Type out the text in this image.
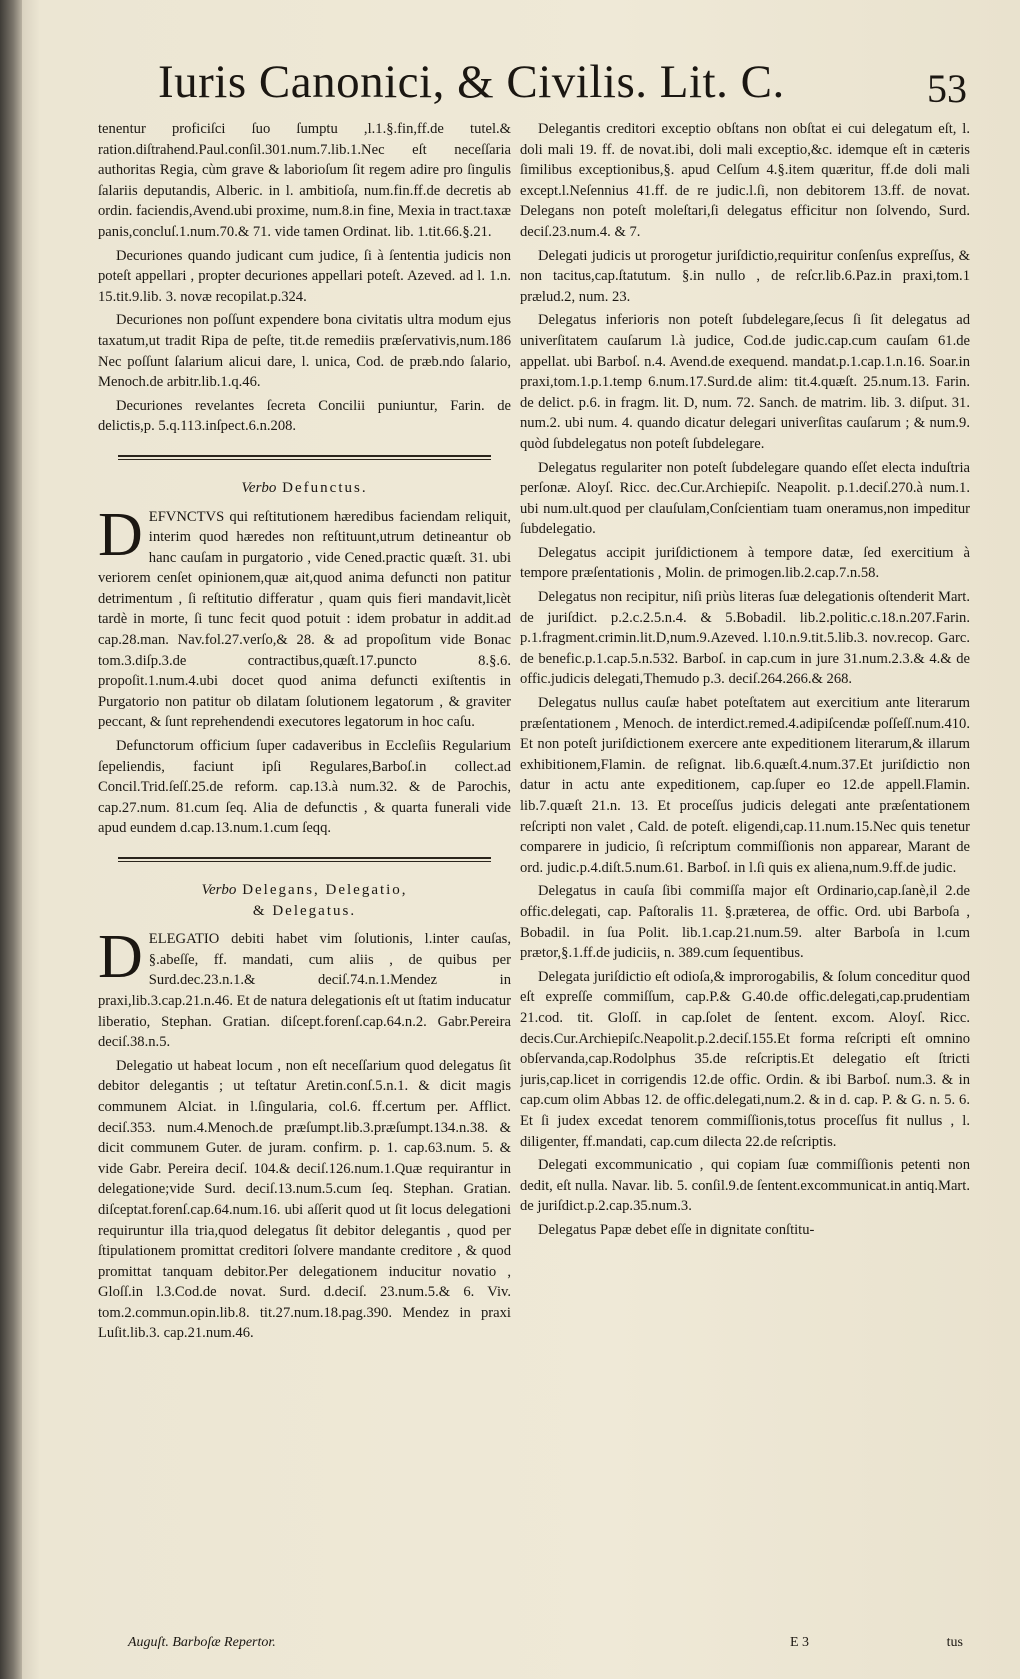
Iuris Canonici, & Civilis. Lit. C.	53

tenentur proficiſci ſuo ſumptu ,l.1.§.fin,ff.de tutel.& ration.diſtrahend.Paul.conſil.301.num.7.lib.1.Nec eſt neceſſaria authoritas Regia, cùm grave & laborioſum ſit regem adire pro ſingulis ſalariis deputandis, Alberic. in l. ambitioſa, num.fin.ff.de decretis ab ordin. faciendis,Avend.ubi proxime, num.8.in fine, Mexia in tract.taxæ panis,concluſ.1.num.70.& 71. vide tamen Ordinat. lib. 1.tit.66.§.21.

Decuriones quando judicant cum judice, ſi à ſententia judicis non poteſt appellari , propter decuriones appellari poteſt. Azeved. ad l. 1.n. 15.tit.9.lib. 3. novæ recopilat.p.324.

Decuriones non poſſunt expendere bona civitatis ultra modum ejus taxatum,ut tradit Ripa de peſte, tit.de remediis præſervativis,num.186 Nec poſſunt ſalarium alicui dare, l. unica, Cod. de præb.ndo ſalario, Menoch.de arbitr.lib.1.q.46.

Decuriones revelantes ſecreta Concilii puniuntur, Farin. de delictis,p. 5.q.113.inſpect.6.n.208.

Verbo Defunctus.

DEFVNCTVS qui reſtitutionem hæredibus faciendam reliquit, interim quod hæredes non reſtituunt,utrum detineantur ob hanc cauſam in purgatorio , vide Cened.practic quæſt. 31. ubi veriorem cenſet opinionem,quæ ait,quod anima defuncti non patitur detrimentum , ſi reſtitutio differatur , quam quis fieri mandavit,licèt tardè in morte, ſi tunc fecit quod potuit : idem probatur in addit.ad cap.28.man. Nav.fol.27.verſo,& 28. & ad propoſitum vide Bonac tom.3.diſp.3.de contractibus,quæſt.17.puncto 8.§.6. propoſit.1.num.4.ubi docet quod anima defuncti exiſtentis in Purgatorio non patitur ob dilatam ſolutionem legatorum , & graviter peccant, & ſunt reprehendendi executores legatorum in hoc caſu.

Defunctorum officium ſuper cadaveribus in Eccleſiis Regularium ſepeliendis, faciunt ipſi Regulares,Barboſ.in collect.ad Concil.Trid.ſeſſ.25.de reform. cap.13.à num.32. & de Parochis, cap.27.num. 81.cum ſeq. Alia de defunctis , & quarta funerali vide apud eundem d.cap.13.num.1.cum ſeqq.

Verbo Delegans, Delegatio,
& Delegatus.

DELEGATIO debiti habet vim ſolutionis, l.inter cauſas, §.abeſſe, ff. mandati, cum aliis , de quibus per Surd.dec.23.n.1.& deciſ.74.n.1.Mendez in praxi,lib.3.cap.21.n.46. Et de natura delegationis eſt ut ſtatim inducatur liberatio, Stephan. Gratian. diſcept.forenſ.cap.64.n.2. Gabr.Pereira deciſ.38.n.5.

Delegatio ut habeat locum , non eſt neceſſarium quod delegatus ſit debitor delegantis ; ut teſtatur Aretin.conſ.5.n.1. & dicit magis communem Alciat. in l.ſingularia, col.6. ff.certum per. Afflict. deciſ.353. num.4.Menoch.de præſumpt.lib.3.præſumpt.134.n.38. & dicit communem Guter. de juram. confirm. p. 1. cap.63.num. 5. & vide Gabr. Pereira deciſ. 104.& deciſ.126.num.1.Quæ requirantur in delegatione;vide Surd. deciſ.13.num.5.cum ſeq. Stephan. Gratian. diſceptat.forenſ.cap.64.num.16. ubi aſſerit quod ut ſit locus delegationi requiruntur illa tria,quod delegatus ſit debitor delegantis , quod per ſtipulationem promittat creditori ſolvere mandante creditore , & quod promittat tanquam debitor.Per delegationem inducitur novatio , Gloſſ.in l.3.Cod.de novat. Surd. d.deciſ. 23.num.5.& 6. Viv. tom.2.commun.opin.lib.8. tit.27.num.18.pag.390. Mendez in praxi Luſit.lib.3. cap.21.num.46.

Delegantis creditori exceptio obſtans non obſtat ei cui delegatum eſt, l. doli mali 19. ff. de novat.ibi, doli mali exceptio,&c. idemque eſt in cæteris ſimilibus exceptionibus,§. apud Celſum 4.§.item quæritur, ff.de doli mali except.l.Neſennius 41.ff. de re judic.l.ſi, non debitorem 13.ff. de novat. Delegans non poteſt moleſtari,ſi delegatus efficitur non ſolvendo, Surd. deciſ.23.num.4. & 7.

Delegati judicis ut prorogetur juriſdictio,requiritur conſenſus expreſſus, & non tacitus,cap.ſtatutum. §.in nullo , de reſcr.lib.6.Paz.in praxi,tom.1 prælud.2, num. 23.

Delegatus inferioris non poteſt ſubdelegare,ſecus ſi ſit delegatus ad univerſitatem cauſarum l.à judice, Cod.de judic.cap.cum cauſam 61.de appellat. ubi Barboſ. n.4. Avend.de exequend. mandat.p.1.cap.1.n.16. Soar.in praxi,tom.1.p.1.temp 6.num.17.Surd.de alim: tit.4.quæſt. 25.num.13. Farin. de delict. p.6. in fragm. lit. D, num. 72. Sanch. de matrim. lib. 3. diſput. 31. num.2. ubi num. 4. quando dicatur delegari univerſitas cauſarum ; & num.9. quòd ſubdelegatus non poteſt ſubdelegare.

Delegatus regulariter non poteſt ſubdelegare quando eſſet electa induſtria perſonæ. Aloyſ. Ricc. dec.Cur.Archiepiſc. Neapolit. p.1.deciſ.270.à num.1. ubi num.ult.quod per clauſulam,Conſcientiam tuam oneramus,non impeditur ſubdelegatio.

Delegatus accipit juriſdictionem à tempore datæ, ſed exercitium à tempore præſentationis , Molin. de primogen.lib.2.cap.7.n.58.

Delegatus non recipitur, niſi priùs literas ſuæ delegationis oſtenderit Mart. de juriſdict. p.2.c.2.5.n.4. & 5.Bobadil. lib.2.politic.c.18.n.207.Farin. p.1.fragment.crimin.lit.D,num.9.Azeved. l.10.n.9.tit.5.lib.3. nov.recop. Garc. de benefic.p.1.cap.5.n.532. Barboſ. in cap.cum in jure 31.num.2.3.& 4.& de offic.judicis delegati,Themudo p.3. deciſ.264.266.& 268.

Delegatus nullus cauſæ habet poteſtatem aut exercitium ante literarum præſentationem , Menoch. de interdict.remed.4.adipiſcendæ poſſeſſ.num.410. Et non poteſt juriſdictionem exercere ante expeditionem literarum,& illarum exhibitionem,Flamin. de reſignat. lib.6.quæſt.4.num.37.Et juriſdictio non datur in actu ante expeditionem, cap.ſuper eo 12.de appell.Flamin. lib.7.quæſt 21.n. 13. Et proceſſus judicis delegati ante præſentationem reſcripti non valet , Cald. de poteſt. eligendi,cap.11.num.15.Nec quis tenetur comparere in judicio, ſi reſcriptum commiſſionis non apparear, Marant de ord. judic.p.4.diſt.5.num.61. Barboſ. in l.ſi quis ex aliena,num.9.ff.de judic.

Delegatus in cauſa ſibi commiſſa major eſt Ordinario,cap.ſanè,il 2.de offic.delegati, cap. Paſtoralis 11. §.præterea, de offic. Ord. ubi Barboſa , Bobadil. in ſua Polit. lib.1.cap.21.num.59. alter Barboſa in l.cum prætor,§.1.ff.de judiciis, n. 389.cum ſequentibus.

Delegata juriſdictio eſt odioſa,& improrogabilis, & ſolum conceditur quod eſt expreſſe commiſſum, cap.P.& G.40.de offic.delegati,cap.prudentiam 21.cod. tit. Gloſſ. in cap.ſolet de ſentent. excom. Aloyſ. Ricc. decis.Cur.Archiepiſc.Neapolit.p.2.deciſ.155.Et forma reſcripti eſt omnino obſervanda,cap.Rodolphus 35.de reſcriptis.Et delegatio eſt ſtricti juris,cap.licet in corrigendis 12.de offic. Ordin. & ibi Barboſ. num.3. & in cap.cum olim Abbas 12. de offic.delegati,num.2. & in d. cap. P. & G. n. 5. 6. Et ſi judex excedat tenorem commiſſionis,totus proceſſus fit nullus , l. diligenter, ff.mandati, cap.cum dilecta 22.de reſcriptis.

Delegati excommunicatio , qui copiam ſuæ commiſſionis petenti non dedit, eſt nulla. Navar. lib. 5. conſil.9.de ſentent.excommunicat.in antiq.Mart. de juriſdict.p.2.cap.35.num.3.

Delegatus Papæ debet eſſe in dignitate conſtitu-

Auguſt. Barboſæ Repertor.	E 3	tus
